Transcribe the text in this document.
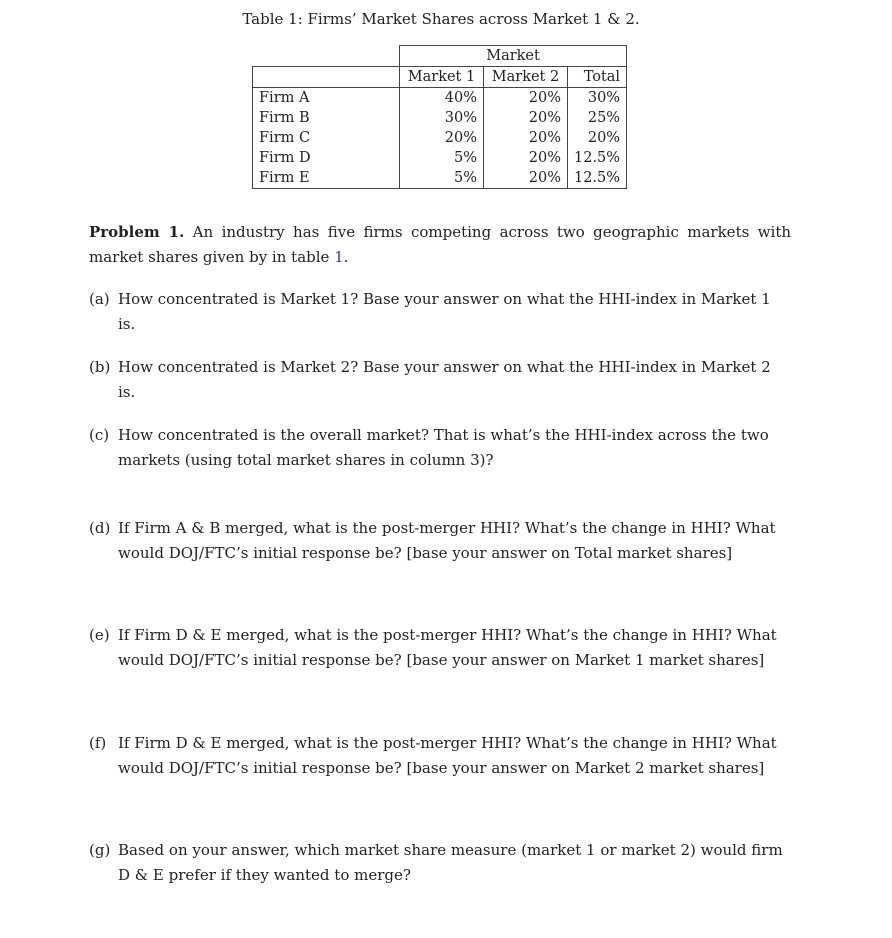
Table 1: Firms’ Market Shares across Market 1 & 2.
	Market		
	Market 1	Market 2	Total
Firm A	40%	20%	30%
Firm B	30%	20%	25%
Firm C	20%	20%	20%
Firm D	5%	20%	12.5%
Firm E	5%	20%	12.5%
Problem 1. An industry has five firms competing across two geographic markets with market shares given by in table 1.
(a) How concentrated is Market 1? Base your answer on what the HHI-index in Market 1 is.
(b) How concentrated is Market 2? Base your answer on what the HHI-index in Market 2 is.
(c) How concentrated is the overall market? That is what’s the HHI-index across the two markets (using total market shares in column 3)?
(d) If Firm A & B merged, what is the post-merger HHI? What’s the change in HHI? What would DOJ/FTC’s initial response be? [base your answer on Total market shares]
(e) If Firm D & E merged, what is the post-merger HHI? What’s the change in HHI? What would DOJ/FTC’s initial response be? [base your answer on Market 1 market shares]
(f) If Firm D & E merged, what is the post-merger HHI? What’s the change in HHI? What would DOJ/FTC’s initial response be? [base your answer on Market 2 market shares]
(g) Based on your answer, which market share measure (market 1 or market 2) would firm D & E prefer if they wanted to merge?
